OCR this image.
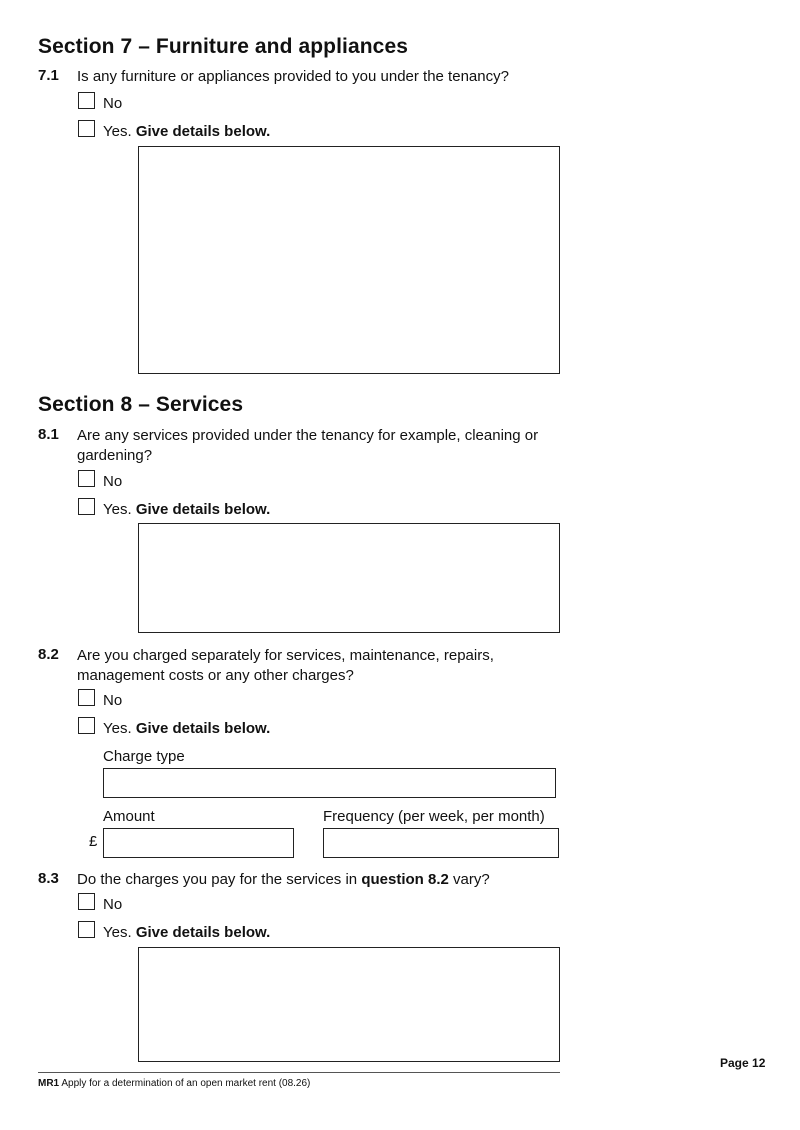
Section 7 – Furniture and appliances
7.1 Is any furniture or appliances provided to you under the tenancy?
No
Yes. Give details below.
Section 8 – Services
8.1 Are any services provided under the tenancy for example, cleaning or gardening?
No
Yes. Give details below.
8.2 Are you charged separately for services, maintenance, repairs, management costs or any other charges?
No
Yes. Give details below.
Charge type
Amount
£
Frequency (per week, per month)
8.3 Do the charges you pay for the services in question 8.2 vary?
No
Yes. Give details below.
Page 12
MR1 Apply for a determination of an open market rent (08.26)
